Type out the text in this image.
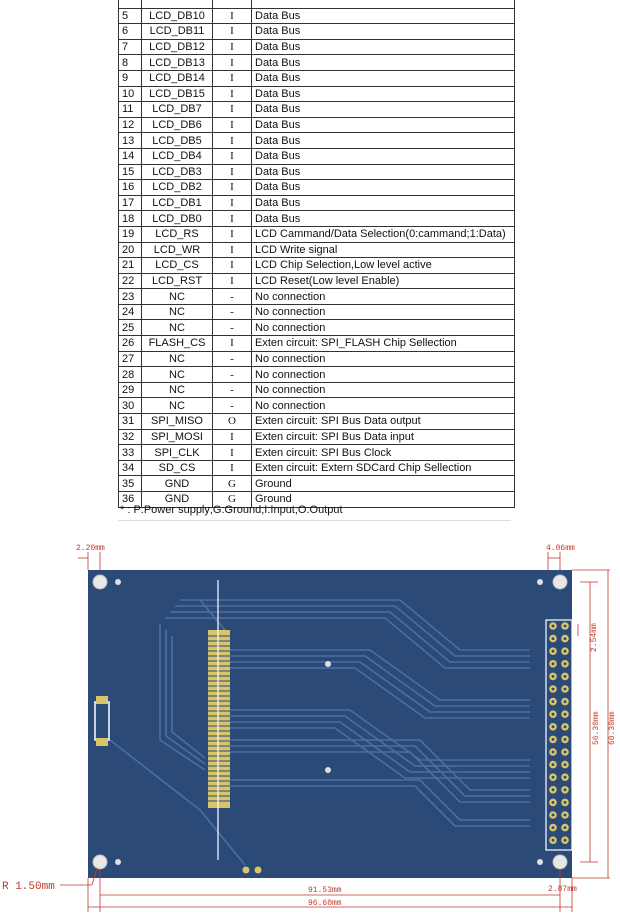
5	LCD_DB10	I	Data Bus
6	LCD_DB11	I	Data Bus
7	LCD_DB12	I	Data Bus
8	LCD_DB13	I	Data Bus
9	LCD_DB14	I	Data Bus
10	LCD_DB15	I	Data Bus
11	LCD_DB7	I	Data Bus
12	LCD_DB6	I	Data Bus
13	LCD_DB5	I	Data Bus
14	LCD_DB4	I	Data Bus
15	LCD_DB3	I	Data Bus
16	LCD_DB2	I	Data Bus
17	LCD_DB1	I	Data Bus
18	LCD_DB0	I	Data Bus
19	LCD_RS	I	LCD Cammand/Data Selection(0:cammand;1:Data)
20	LCD_WR	I	LCD Write signal
21	LCD_CS	I	LCD Chip Selection,Low level active
22	LCD_RST	I	LCD Reset(Low level Enable)
23	NC	-	No connection
24	NC	-	No connection
25	NC	-	No connection
26	FLASH_CS	I	Exten circuit: SPI_FLASH Chip Sellection
27	NC	-	No connection
28	NC	-	No connection
29	NC	-	No connection
30	NC	-	No connection
31	SPI_MISO	O	Exten circuit: SPI Bus Data output
32	SPI_MOSI	I	Exten circuit: SPI Bus Data input
33	SPI_CLK	I	Exten circuit: SPI Bus Clock
34	SD_CS	I	Exten circuit: Extern SDCard Chip Sellection
35	GND	G	Ground
36	GND	G	Ground
* : P:Power supply;G:Ground;I:Input;O:Output
2.20mm	4.06mm
2.54mm
56.30mm 60.30mm
91.53mm
96.60mm
2.87mm
R 1.50mm
